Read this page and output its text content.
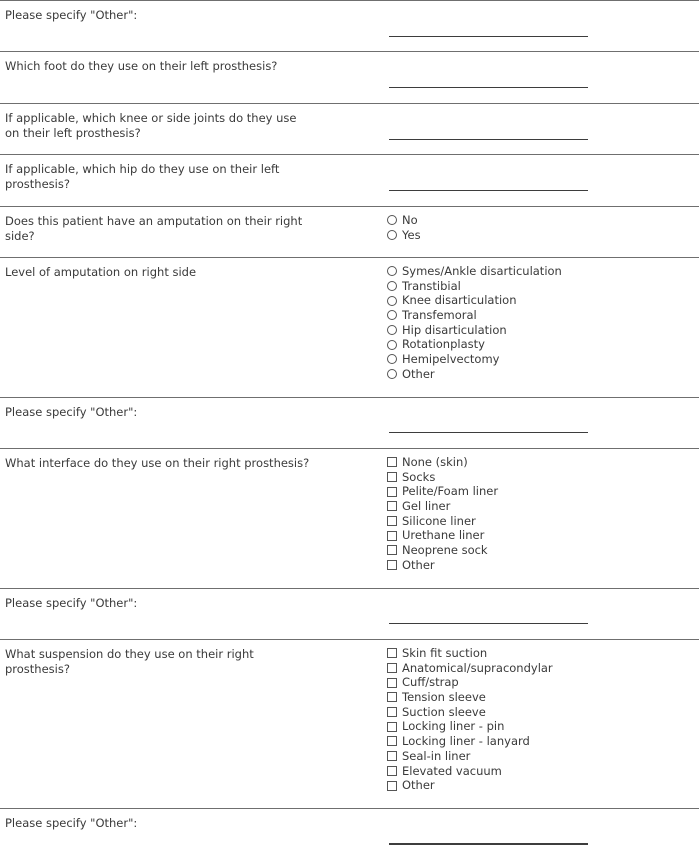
Please specify "Other":
Which foot do they use on their left prosthesis?
If applicable, which knee or side joints do they use on their left prosthesis?
If applicable, which hip do they use on their left prosthesis?
Does this patient have an amputation on their right side?
No
Yes
Level of amputation on right side	Symes/Ankle disarticulation
Transtibial
Knee disarticulation
Transfemoral
Hip disarticulation
Rotationplasty
Hemipelvectomy
Other
Please specify "Other":
What interface do they use on their right prosthesis?	None (skin)
Socks
Pelite/Foam liner
Gel liner
Silicone liner
Urethane liner
Neoprene sock
Other
Please specify "Other":
What suspension do they use on their right prosthesis?
Skin fit suction
Anatomical/supracondylar
Cuff/strap
Tension sleeve
Suction sleeve
Locking liner - pin
Locking liner - lanyard
Seal-in liner
Elevated vacuum
Other
Please specify "Other":
